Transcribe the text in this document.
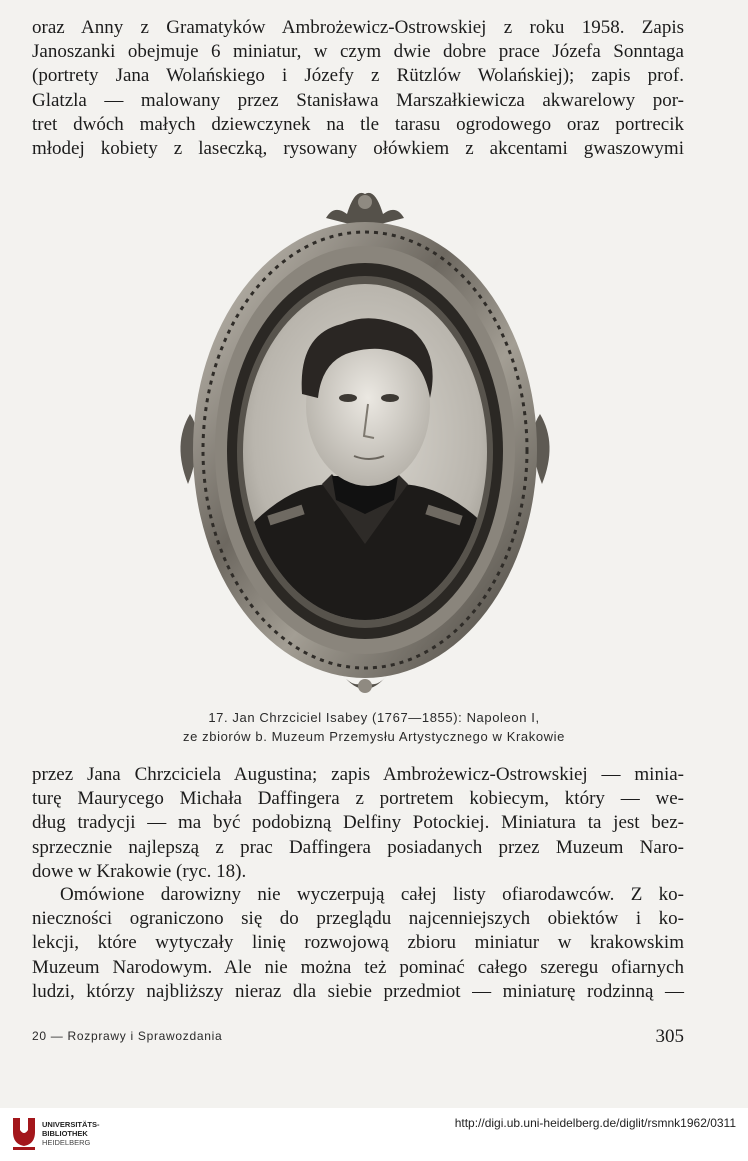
oraz Anny z Gramatyków Ambrożewicz-Ostrowskiej z roku 1958. Zapis
Janoszanki obejmuje 6 miniatur, w czym dwie dobre prace Józefa Sonntaga
(portrety Jana Wolańskiego i Józefy z Rützlów Wolańskiej); zapis prof.
Glatzla — malowany przez Stanisława Marszałkiewicza akwarelowy por-
tret dwóch małych dziewczynek na tle tarasu ogrodowego oraz portrecik
młodej kobiety z laseczką, rysowany ołówkiem z akcentami gwaszowymi
17. Jan Chrzciciel Isabey (1767—1855): Napoleon I,
ze zbiorów b. Muzeum Przemysłu Artystycznego w Krakowie
przez Jana Chrzciciela Augustina; zapis Ambrożewicz-Ostrowskiej — minia-
turę Maurycego Michała Daffingera z portretem kobiecym, który — we-
dług tradycji — ma być podobizną Delfiny Potockiej. Miniatura ta jest bez-
sprzecznie najlepszą z prac Daffingera posiadanych przez Muzeum Naro-
dowe w Krakowie (ryc. 18).
Omówione darowizny nie wyczerpują całej listy ofiarodawców. Z ko-
nieczności ograniczono się do przeglądu najcenniejszych obiektów i ko-
lekcji, które wytyczały linię rozwojową zbioru miniatur w krakowskim
Muzeum Narodowym. Ale nie można też pominać całego szeregu ofiarnych
ludzi, którzy najbliższy nieraz dla siebie przedmiot — miniaturę rodzinną —
20 — Rozprawy i Sprawozdania	305
UNIVERSITÄTS-
BIBLIOTHEK
HEIDELBERG
http://digi.ub.uni-heidelberg.de/diglit/rsmnk1962/0311
